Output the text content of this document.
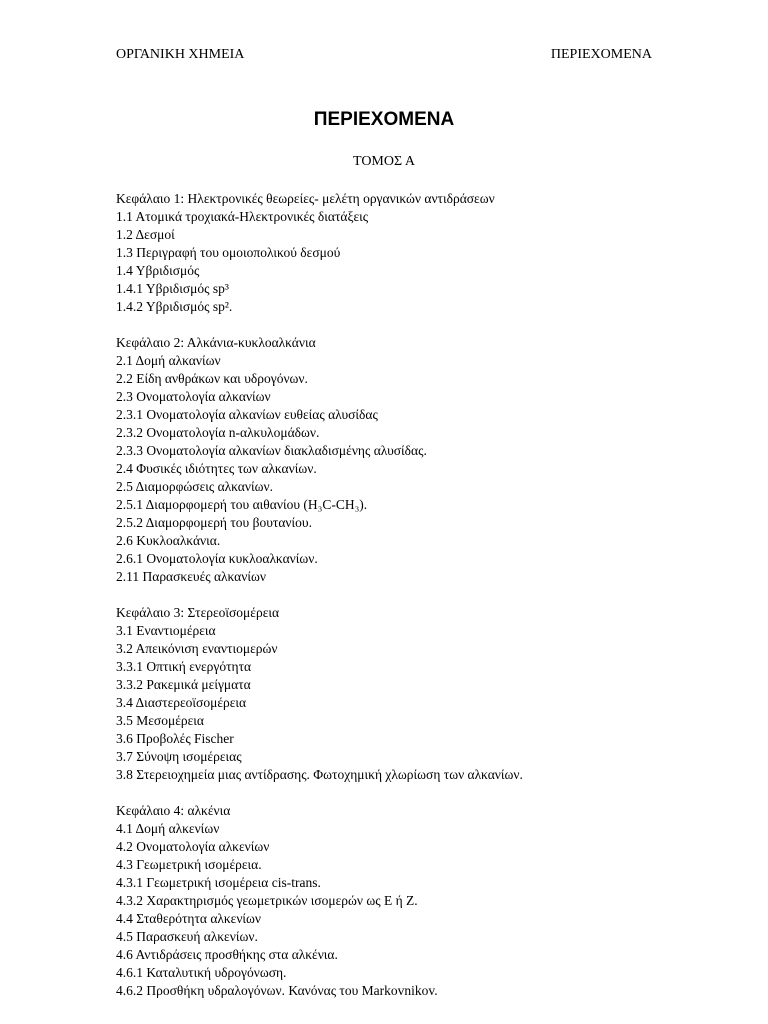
ΟΡΓΑΝΙΚΗ ΧΗΜΕΙΑ	ΠΕΡΙΕΧΟΜΕΝΑ
ΠΕΡΙΕΧΟΜΕΝΑ
ΤΟΜΟΣ Α
Κεφάλαιο 1: Ηλεκτρονικές θεωρείες- μελέτη οργανικών αντιδράσεων
1.1 Ατομικά τροχιακά-Ηλεκτρονικές διατάξεις
1.2 Δεσμοί
1.3 Περιγραφή του ομοιοπολικού δεσμού
1.4 Υβριδισμός
1.4.1 Υβριδισμός sp³
1.4.2 Υβριδισμός sp².
Κεφάλαιο 2: Αλκάνια-κυκλοαλκάνια
2.1 Δομή αλκανίων
2.2 Είδη ανθράκων και υδρογόνων.
2.3 Ονοματολογία αλκανίων
2.3.1 Ονοματολογία αλκανίων ευθείας αλυσίδας
2.3.2 Ονοματολογία n-αλκυλομάδων.
2.3.3 Ονοματολογία αλκανίων διακλαδισμένης αλυσίδας.
2.4 Φυσικές ιδιότητες των αλκανίων.
2.5 Διαμορφώσεις αλκανίων.
2.5.1 Διαμορφομερή του αιθανίου (H₃C-CH₃).
2.5.2 Διαμορφομερή του βουτανίου.
2.6 Κυκλοαλκάνια.
2.6.1 Ονοματολογία κυκλοαλκανίων.
2.11 Παρασκευές αλκανίων
Κεφάλαιο 3: Στερεοϊσομέρεια
3.1 Εναντιομέρεια
3.2 Απεικόνιση εναντιομερών
3.3.1 Οπτική ενεργότητα
3.3.2 Ρακεμικά μείγματα
3.4 Διαστερεοϊσομέρεια
3.5 Μεσομέρεια
3.6 Προβολές Fischer
3.7 Σύνοψη ισομέρειας
3.8 Στερειοχημεία μιας αντίδρασης. Φωτοχημική χλωρίωση των αλκανίων.
Κεφάλαιο 4: αλκένια
4.1 Δομή αλκενίων
4.2 Ονοματολογία αλκενίων
4.3 Γεωμετρική ισομέρεια.
4.3.1 Γεωμετρική ισομέρεια cis-trans.
4.3.2 Χαρακτηρισμός γεωμετρικών ισομερών ως E ή Z.
4.4 Σταθερότητα αλκενίων
4.5 Παρασκευή αλκενίων.
4.6 Αντιδράσεις προσθήκης στα αλκένια.
4.6.1 Καταλυτική υδρογόνωση.
4.6.2 Προσθήκη υδραλογόνων. Κανόνας του Markovnikov.
